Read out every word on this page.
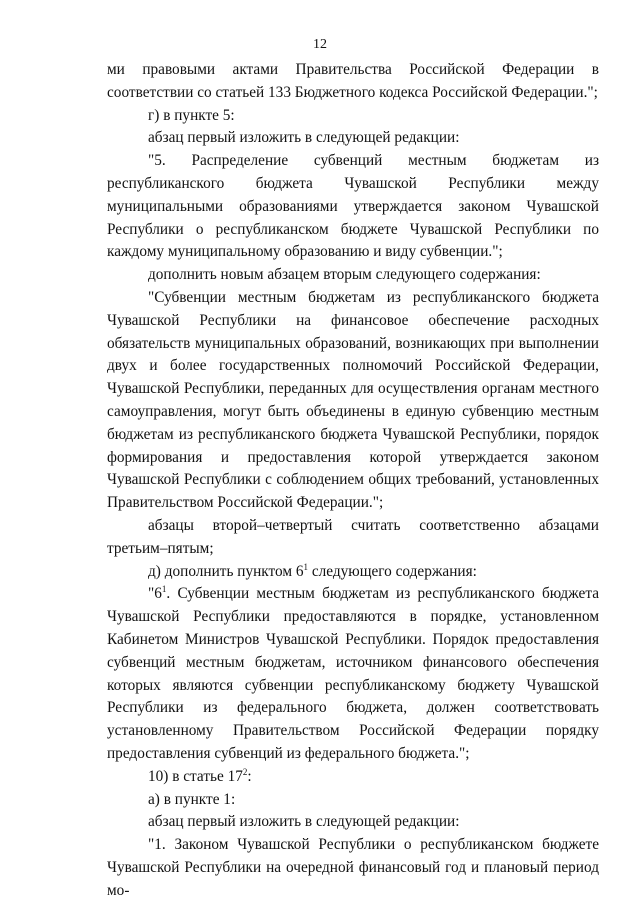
12

ми правовыми актами Правительства Российской Федерации в соответствии со статьей 133 Бюджетного кодекса Российской Федерации.";

г) в пункте 5:

абзац первый изложить в следующей редакции:

"5. Распределение субвенций местным бюджетам из республиканского бюджета Чувашской Республики между муниципальными образованиями утверждается законом Чувашской Республики о республиканском бюджете Чувашской Республики по каждому муниципальному образованию и виду субвенции.";

дополнить новым абзацем вторым следующего содержания:

"Субвенции местным бюджетам из республиканского бюджета Чувашской Республики на финансовое обеспечение расходных обязательств муниципальных образований, возникающих при выполнении двух и более государственных полномочий Российской Федерации, Чувашской Республики, переданных для осуществления органам местного самоуправления, могут быть объединены в единую субвенцию местным бюджетам из республиканского бюджета Чувашской Республики, порядок формирования и предоставления которой утверждается законом Чувашской Республики с соблюдением общих требований, установленных Правительством Российской Федерации.";

абзацы второй–четвертый считать соответственно абзацами третьим–пятым;

д) дополнить пунктом $6^1$ следующего содержания:

"$6^1$. Субвенции местным бюджетам из республиканского бюджета Чувашской Республики предоставляются в порядке, установленном Кабинетом Министров Чувашской Республики. Порядок предоставления субвенций местным бюджетам, источником финансового обеспечения которых являются субвенции республиканскому бюджету Чувашской Республики из федерального бюджета, должен соответствовать установленному Правительством Российской Федерации порядку предоставления субвенций из федерального бюджета.";

10) в статье $17^2$:

а) в пункте 1:

абзац первый изложить в следующей редакции:

"1. Законом Чувашской Республики о республиканском бюджете Чувашской Республики на очередной финансовый год и плановый период мо-
